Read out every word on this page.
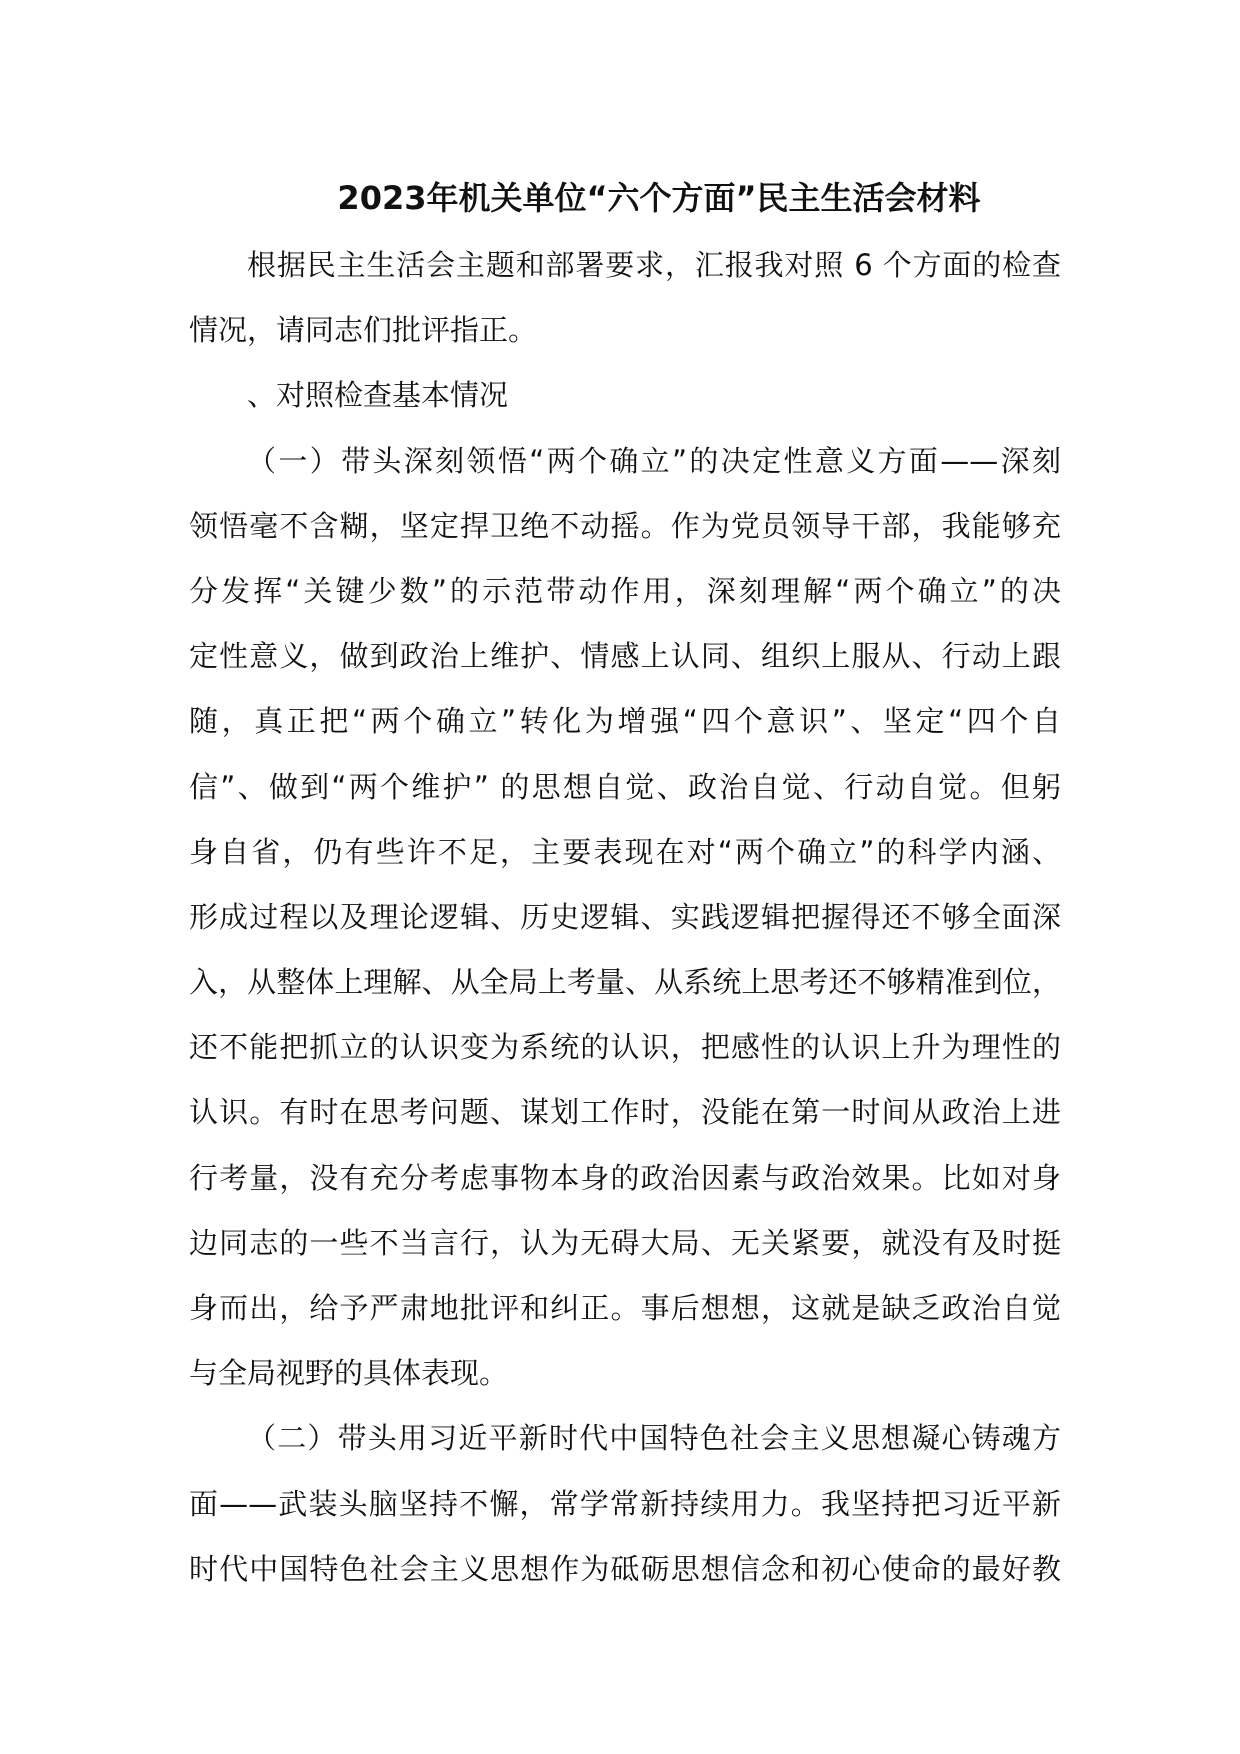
2023年机关单位“六个方面”民主生活会材料
根据民主生活会主题和部署要求，汇报我对照 6 个方面的检查
情况，请同志们批评指正。
、对照检查基本情况
（一）带头深刻领悟“两个确立”的决定性意义方面——深刻
领悟毫不含糊，坚定捍卫绝不动摇。作为党员领导干部，我能够充
分发挥“关键少数”的示范带动作用，深刻理解“两个确立”的决
定性意义，做到政治上维护、情感上认同、组织上服从、行动上跟
随，真正把“两个确立”转化为增强“四个意识”、坚定“四个自
信”、做到“两个维护” 的思想自觉、政治自觉、行动自觉。但躬
身自省，仍有些许不足，主要表现在对“两个确立”的科学内涵、
形成过程以及理论逻辑、历史逻辑、实践逻辑把握得还不够全面深
入，从整体上理解、从全局上考量、从系统上思考还不够精准到位，
还不能把抓立的认识变为系统的认识，把感性的认识上升为理性的
认识。有时在思考问题、谋划工作时，没能在第一时间从政治上进
行考量，没有充分考虑事物本身的政治因素与政治效果。比如对身
边同志的一些不当言行，认为无碍大局、无关紧要，就没有及时挺
身而出，给予严肃地批评和纠正。事后想想，这就是缺乏政治自觉
与全局视野的具体表现。
（二）带头用习近平新时代中国特色社会主义思想凝心铸魂方
面——武装头脑坚持不懈，常学常新持续用力。我坚持把习近平新
时代中国特色社会主义思想作为砥砺思想信念和初心使命的最好教
